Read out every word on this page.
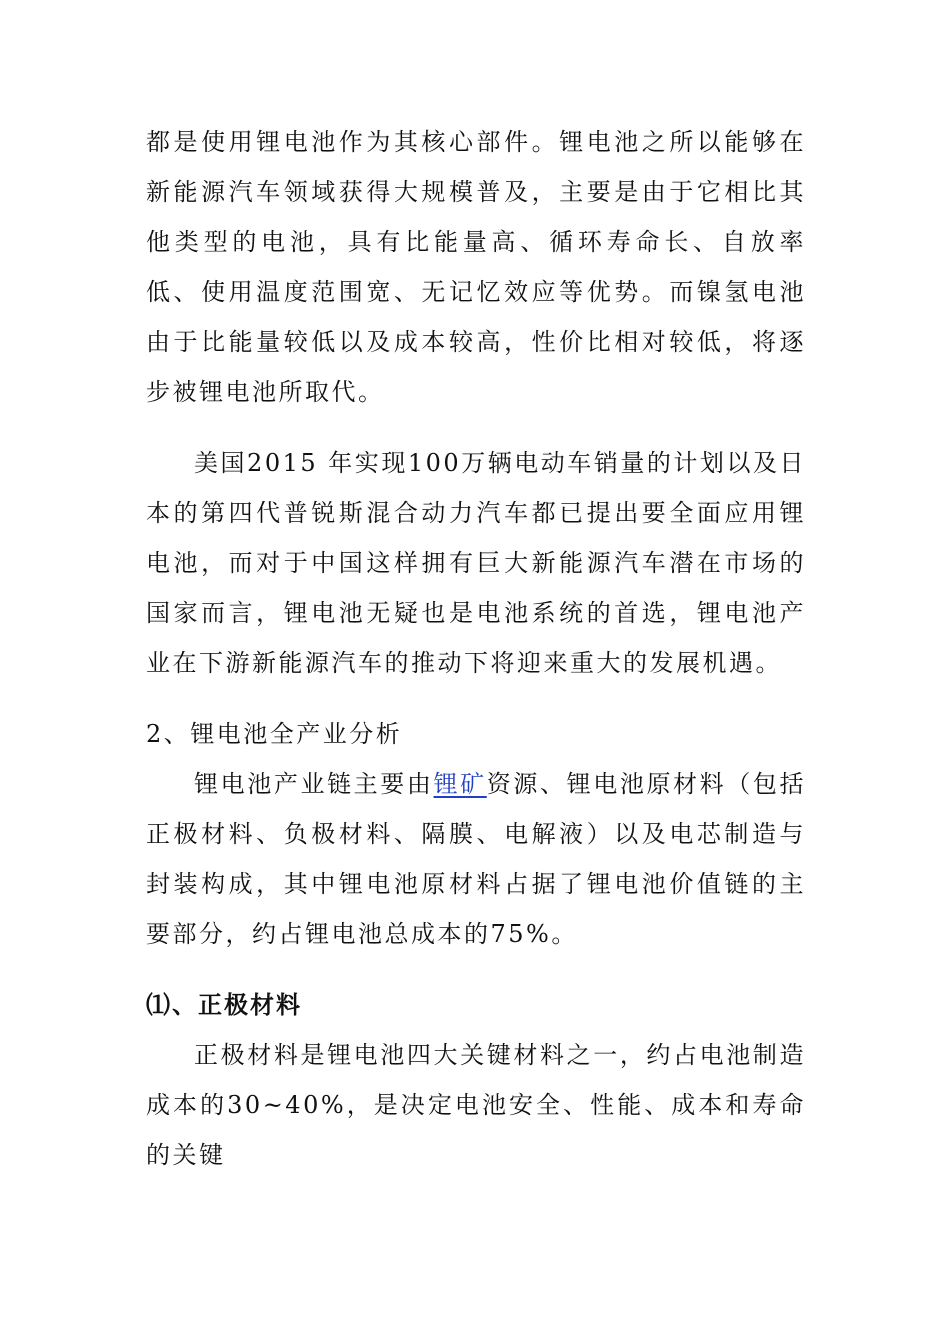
都是使用锂电池作为其核心部件。锂电池之所以能够在新能源汽车领域获得大规模普及，主要是由于它相比其他类型的电池，具有比能量高、循环寿命长、自放率低、使用温度范围宽、无记忆效应等优势。而镍氢电池由于比能量较低以及成本较高，性价比相对较低，将逐步被锂电池所取代。

美国2015 年实现100万辆电动车销量的计划以及日本的第四代普锐斯混合动力汽车都已提出要全面应用锂电池，而对于中国这样拥有巨大新能源汽车潜在市场的国家而言，锂电池无疑也是电池系统的首选，锂电池产业在下游新能源汽车的推动下将迎来重大的发展机遇。

2、锂电池全产业分析

锂电池产业链主要由锂矿资源、锂电池原材料（包括正极材料、负极材料、隔膜、电解液）以及电芯制造与封装构成，其中锂电池原材料占据了锂电池价值链的主要部分，约占锂电池总成本的75%。

⑴、正极材料

正极材料是锂电池四大关键材料之一，约占电池制造成本的30~40%，是决定电池安全、性能、成本和寿命的关键
